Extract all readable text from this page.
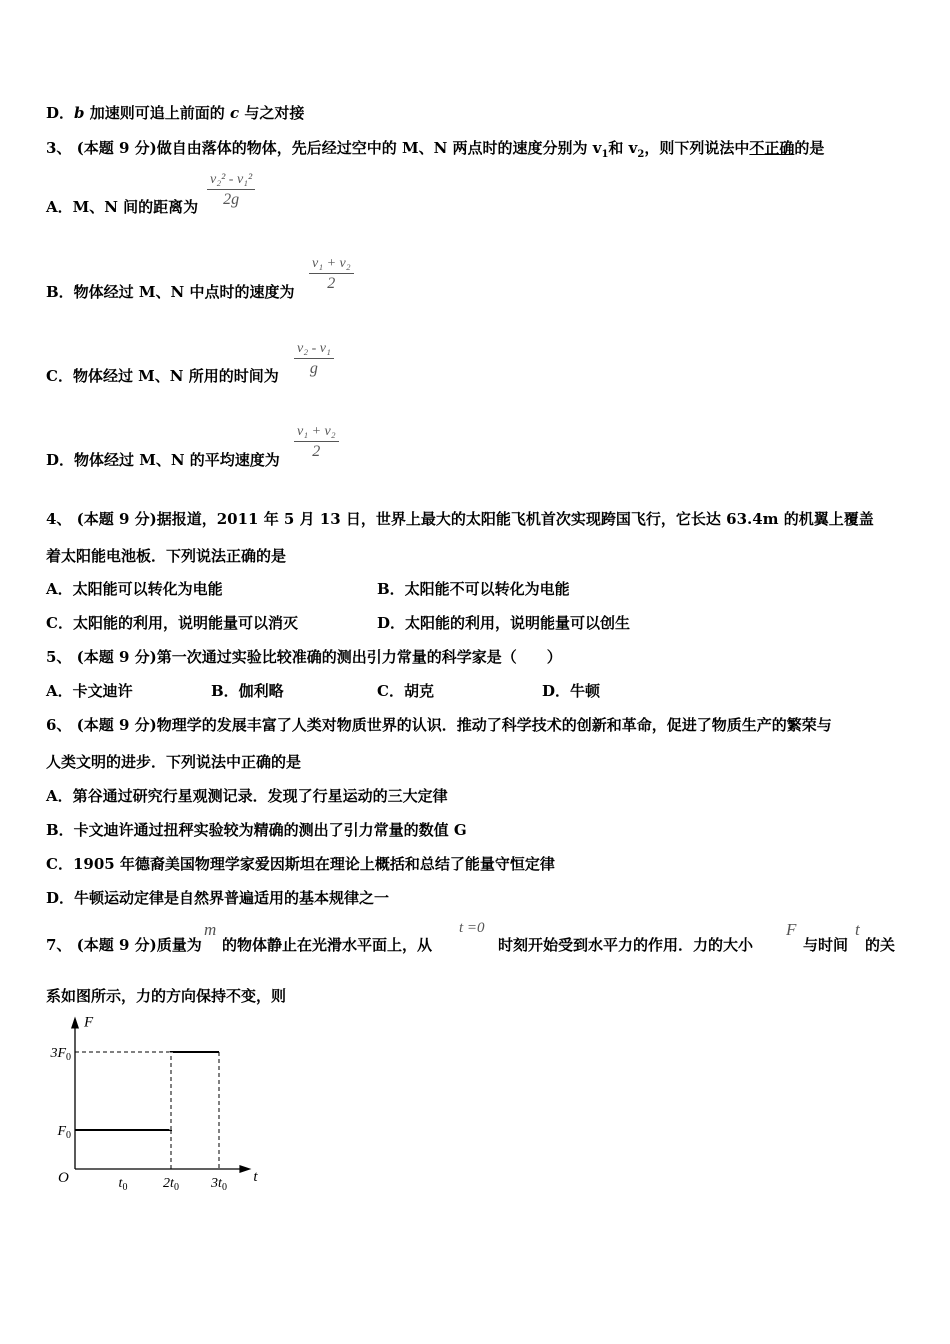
D．b 加速则可追上前面的 c 与之对接
3、 (本题 9 分)做自由落体的物体，先后经过空中的 M、N 两点时的速度分别为 $v_1$和 $v_2$，则下列说法中不正确的是
A．M、N 间的距离为 $\frac{\text{v₂² - v₁²}}{2g}$
B．物体经过 M、N 中点时的速度为 $\frac{\text{v₁ + v₂}}{2}$
C．物体经过 M、N 所用的时间为 $\frac{\text{v₂ - v₁}}{g}$
D．物体经过 M、N 的平均速度为 $\frac{\text{v₁ + v₂}}{2}$
4、 (本题 9 分)据报道，2011 年 5 月 13 日，世界上最大的太阳能飞机首次实现跨国飞行，它长达 63.4m 的机翼上覆盖
着太阳能电池板．下列说法正确的是
A．太阳能可以转化为电能	B．太阳能不可以转化为电能
C．太阳能的利用，说明能量可以消灭	D．太阳能的利用，说明能量可以创生
5、 (本题 9 分)第一次通过实验比较准确的测出引力常量的科学家是（　　）
A．卡文迪许	B．伽利略	C．胡克	D．牛顿
6、 (本题 9 分)物理学的发展丰富了人类对物质世界的认识．推动了科学技术的创新和革命，促进了物质生产的繁荣与
人类文明的进步．下列说法中正确的是
A．第谷通过研究行星观测记录．发现了行星运动的三大定律
B．卡文迪许通过扭秤实验较为精确的测出了引力常量的数值 G
C．1905 年德裔美国物理学家爱因斯坦在理论上概括和总结了能量守恒定律
D．牛顿运动定律是自然界普遍适用的基本规律之一
7、 (本题 9 分)质量为
m
的物体静止在光滑水平面上，从
t =0
时刻开始受到水平力的作用．力的大小
F
与时间
t
的关
系如图所示，力的方向保持不变，则
t
F
O	$t_0$	$2t_0$ $3t_0$
$F_0$
$3F_0$
